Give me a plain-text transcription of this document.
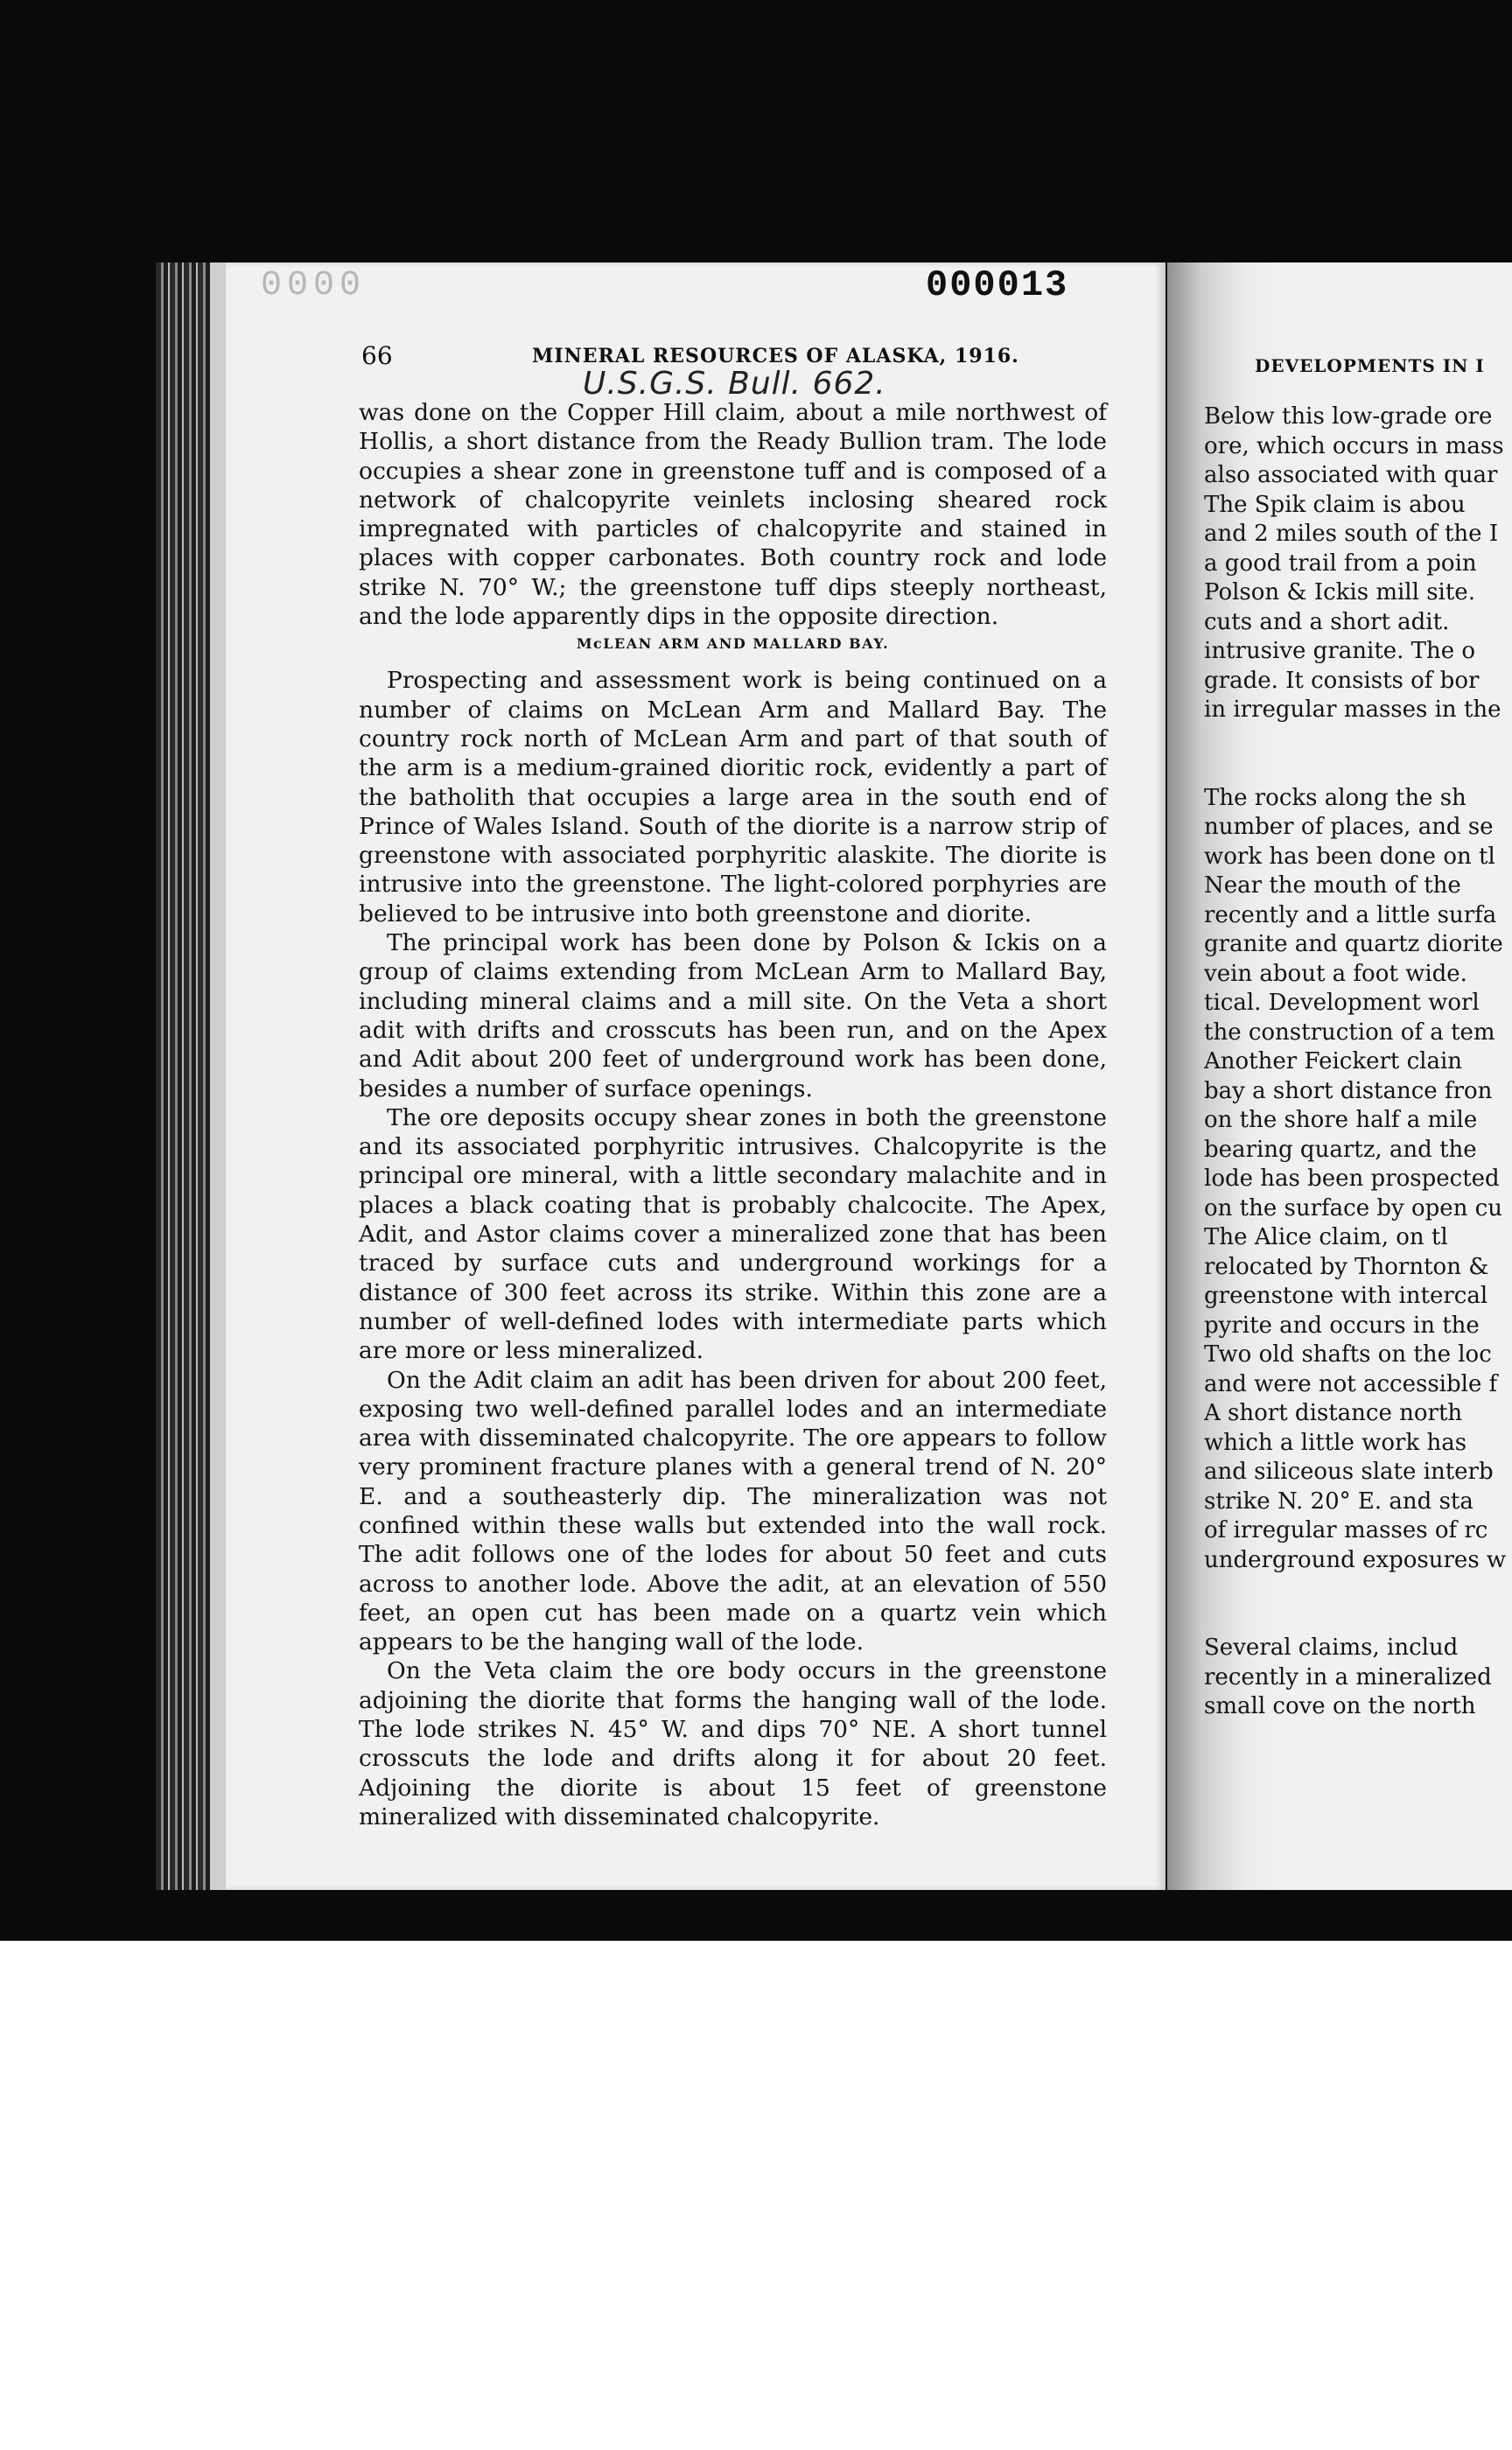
0000	000013
66	MINERAL RESOURCES OF ALASKA, 1916.
U.S.G.S. Bull. 662.

was done on the Copper Hill claim, about a mile northwest of Hollis, a short distance from the Ready Bullion tram. The lode occupies a shear zone in greenstone tuff and is composed of a network of chalcopyrite veinlets inclosing sheared rock impregnated with particles of chalcopyrite and stained in places with copper carbonates. Both country rock and lode strike N. 70° W.; the greenstone tuff dips steeply northeast, and the lode apparently dips in the opposite direction.

McLEAN ARM AND MALLARD BAY.

Prospecting and assessment work is being continued on a number of claims on McLean Arm and Mallard Bay. The country rock north of McLean Arm and part of that south of the arm is a medium-grained dioritic rock, evidently a part of the batholith that occupies a large area in the south end of Prince of Wales Island. South of the diorite is a narrow strip of greenstone with associated porphyritic alaskite. The diorite is intrusive into the greenstone. The light-colored porphyries are believed to be intrusive into both greenstone and diorite.

The principal work has been done by Polson & Ickis on a group of claims extending from McLean Arm to Mallard Bay, including mineral claims and a mill site. On the Veta a short adit with drifts and crosscuts has been run, and on the Apex and Adit about 200 feet of underground work has been done, besides a number of surface openings.

The ore deposits occupy shear zones in both the greenstone and its associated porphyritic intrusives. Chalcopyrite is the principal ore mineral, with a little secondary malachite and in places a black coating that is probably chalcocite. The Apex, Adit, and Astor claims cover a mineralized zone that has been traced by surface cuts and underground workings for a distance of 300 feet across its strike. Within this zone are a number of well-defined lodes with intermediate parts which are more or less mineralized.

On the Adit claim an adit has been driven for about 200 feet, exposing two well-defined parallel lodes and an intermediate area with disseminated chalcopyrite. The ore appears to follow very prominent fracture planes with a general trend of N. 20° E. and a southeasterly dip. The mineralization was not confined within these walls but extended into the wall rock. The adit follows one of the lodes for about 50 feet and cuts across to another lode. Above the adit, at an elevation of 550 feet, an open cut has been made on a quartz vein which appears to be the hanging wall of the lode.

On the Veta claim the ore body occurs in the greenstone adjoining the diorite that forms the hanging wall of the lode. The lode strikes N. 45° W. and dips 70° NE. A short tunnel crosscuts the lode and drifts along it for about 20 feet. Adjoining the diorite is about 15 feet of greenstone mineralized with disseminated chalcopyrite.

DEVELOPMENTS IN I
Below this low-grade ore
ore, which occurs in mass
also associated with quar
The Spik claim is abou
and 2 miles south of the I
a good trail from a poin
Polson & Ickis mill site.
cuts and a short adit.
intrusive granite. The o
grade. It consists of bor
in irregular masses in the
The rocks along the sh
number of places, and se
work has been done on tl
Near the mouth of the
recently and a little surfa
granite and quartz diorite
vein about a foot wide.
tical. Development worl
the construction of a tem
Another Feickert clain
bay a short distance fron
on the shore half a mile
bearing quartz, and the
lode has been prospected
on the surface by open cu
The Alice claim, on tl
relocated by Thornton &
greenstone with intercal
pyrite and occurs in the
Two old shafts on the loc
and were not accessible f
A short distance north
which a little work has
and siliceous slate interb
strike N. 20° E. and sta
of irregular masses of rc
underground exposures w
Several claims, includ
recently in a mineralized
small cove on the north
